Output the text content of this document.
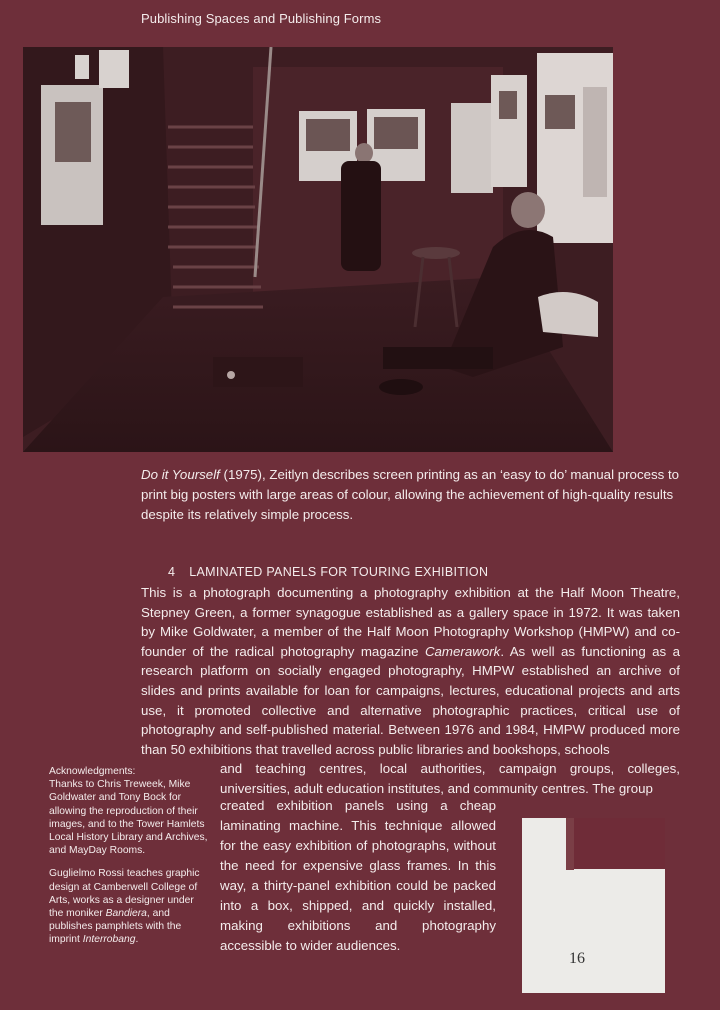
Publishing Spaces and Publishing Forms

Do it Yourself (1975), Zeitlyn describes screen printing as an ‘easy to do’ manual process to print big posters with large areas of colour, allowing the achievement of high-quality results despite its relatively simple process.

4 LAMINATED PANELS FOR TOURING EXHIBITION

This is a photograph documenting a photography exhibition at the Half Moon Theatre, Stepney Green, a former synagogue established as a gallery space in 1972. It was taken by Mike Goldwater, a member of the Half Moon Photography Workshop (HMPW) and co-founder of the radical photography magazine Camerawork. As well as functioning as a research platform on socially engaged photography, HMPW established an archive of slides and prints available for loan for campaigns, lectures, educational projects and arts use, it promoted collective and alternative photographic practices, critical use of photography and self-published material. Between 1976 and 1984, HMPW produced more than 50 exhibitions that travelled across public libraries and bookshops, schools

and teaching centres, local authorities, campaign groups, colleges, universities, adult education institutes, and community centres. The group

created exhibition panels using a cheap laminating machine. This technique allowed for the easy exhibition of photographs, without the need for expensive glass frames. In this way, a thirty-panel exhibition could be packed into a box, shipped, and quickly installed, making exhibitions and photography accessible to wider audiences.

Acknowledgments:

Thanks to Chris Treweek, Mike Goldwater and Tony Bock for allowing the reproduction of their images, and to the Tower Hamlets Local History Library and Archives, and MayDay Rooms.

Guglielmo Rossi teaches graphic design at Camberwell College of Arts, works as a designer under the moniker Bandiera, and publishes pamphlets with the imprint Interrobang.

16
